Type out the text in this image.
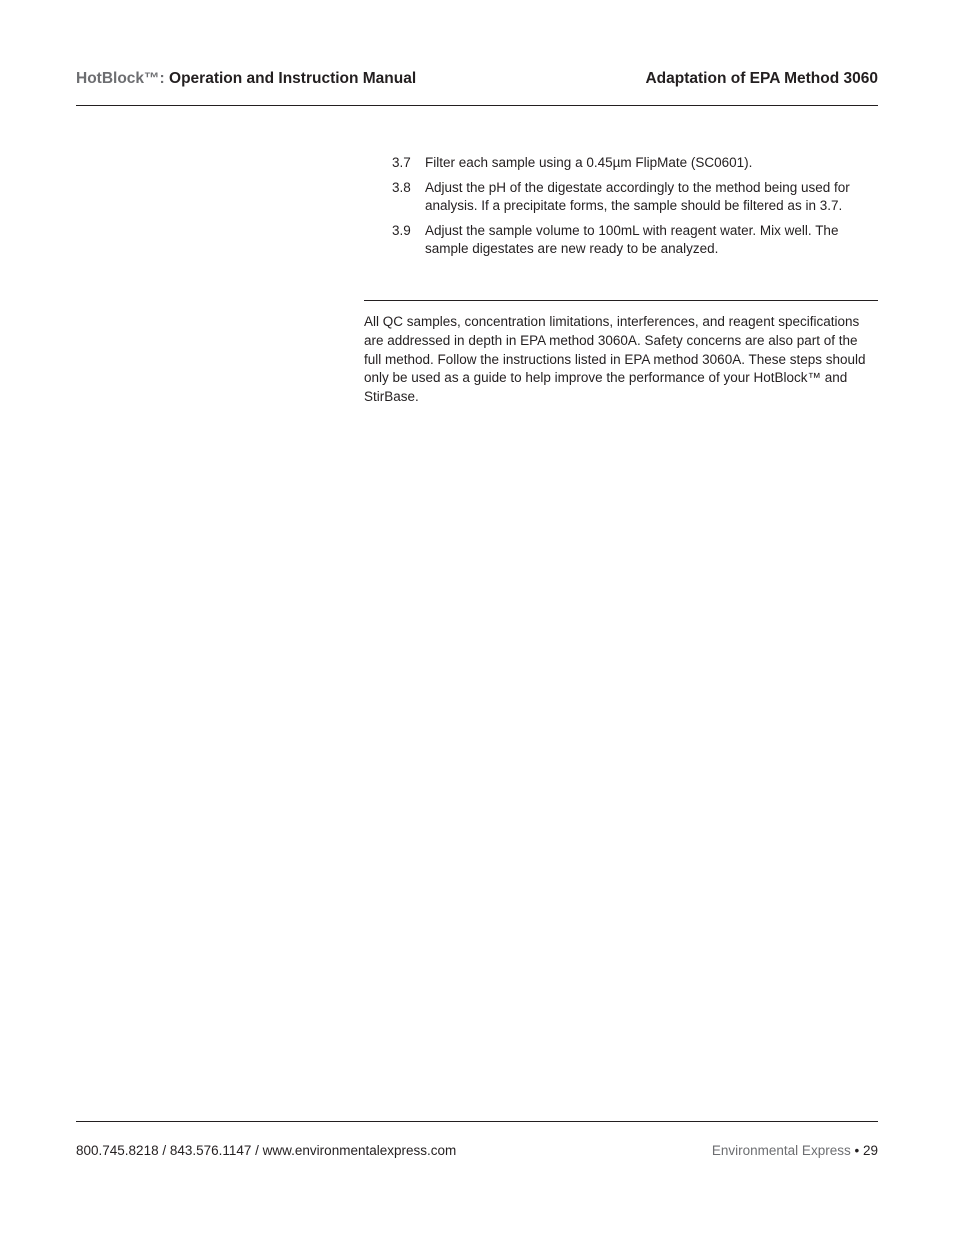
HotBlock™: Operation and Instruction Manual	Adaptation of EPA Method 3060
3.7 Filter each sample using a 0.45µm FlipMate (SC0601).
3.8 Adjust the pH of the digestate accordingly to the method being used for analysis. If a precipitate forms, the sample should be filtered as in 3.7.
3.9 Adjust the sample volume to 100mL with reagent water. Mix well. The sample digestates are new ready to be analyzed.

All QC samples, concentration limitations, interferences, and reagent specifications are addressed in depth in EPA method 3060A. Safety concerns are also part of the full method. Follow the instructions listed in EPA method 3060A. These steps should only be used as a guide to help improve the performance of your HotBlock™ and StirBase.

800.745.8218 / 843.576.1147 / www.environmentalexpress.com	Environmental Express • 29
